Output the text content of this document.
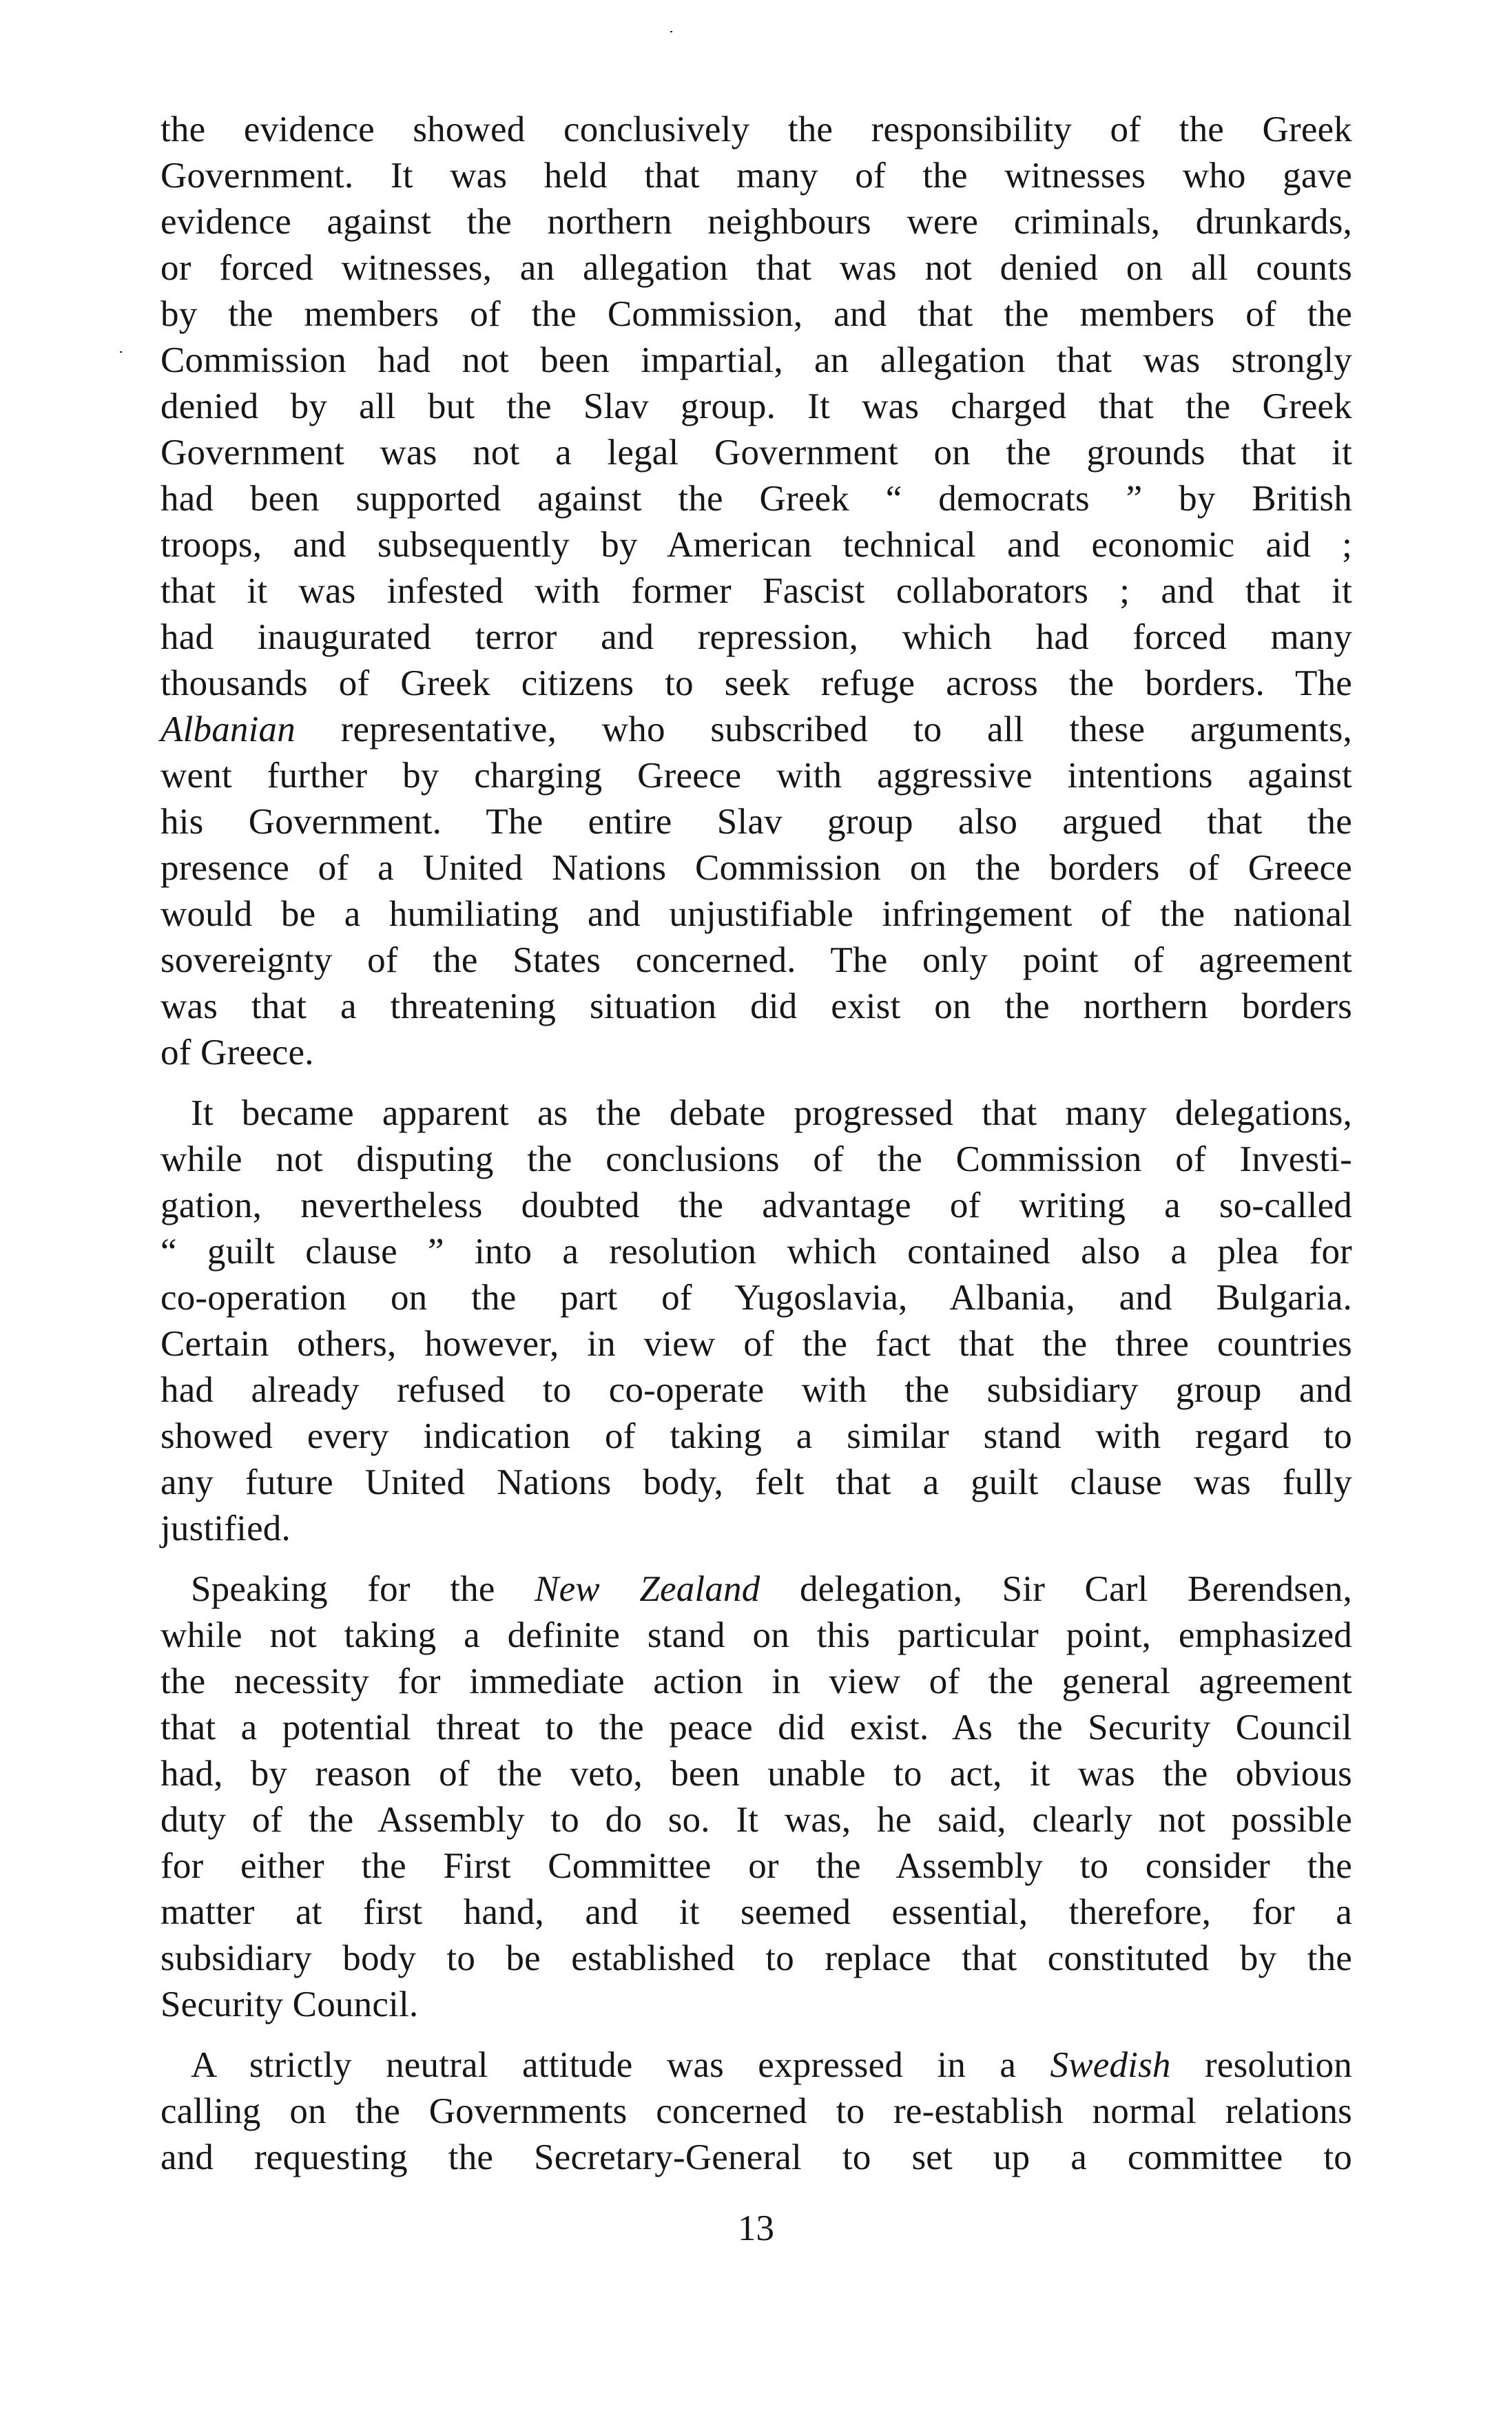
the evidence showed conclusively the responsibility of the Greek
Government. It was held that many of the witnesses who gave
evidence against the northern neighbours were criminals, drunkards,
or forced witnesses, an allegation that was not denied on all counts
by the members of the Commission, and that the members of the
Commission had not been impartial, an allegation that was strongly
denied by all but the Slav group. It was charged that the Greek
Government was not a legal Government on the grounds that it
had been supported against the Greek “ democrats ” by British
troops, and subsequently by American technical and economic aid ;
that it was infested with former Fascist collaborators ; and that it
had inaugurated terror and repression, which had forced many
thousands of Greek citizens to seek refuge across the borders. The
Albanian representative, who subscribed to all these arguments,
went further by charging Greece with aggressive intentions against
his Government. The entire Slav group also argued that the
presence of a United Nations Commission on the borders of Greece
would be a humiliating and unjustifiable infringement of the national
sovereignty of the States concerned. The only point of agreement
was that a threatening situation did exist on the northern borders
of Greece.
It became apparent as the debate progressed that many delegations,
while not disputing the conclusions of the Commission of Investi-
gation, nevertheless doubted the advantage of writing a so-called
“ guilt clause ” into a resolution which contained also a plea for
co-operation on the part of Yugoslavia, Albania, and Bulgaria.
Certain others, however, in view of the fact that the three countries
had already refused to co-operate with the subsidiary group and
showed every indication of taking a similar stand with regard to
any future United Nations body, felt that a guilt clause was fully
justified.
Speaking for the New Zealand delegation, Sir Carl Berendsen,
while not taking a definite stand on this particular point, emphasized
the necessity for immediate action in view of the general agreement
that a potential threat to the peace did exist. As the Security Council
had, by reason of the veto, been unable to act, it was the obvious
duty of the Assembly to do so. It was, he said, clearly not possible
for either the First Committee or the Assembly to consider the
matter at first hand, and it seemed essential, therefore, for a
subsidiary body to be established to replace that constituted by the
Security Council.
A strictly neutral attitude was expressed in a Swedish resolution
calling on the Governments concerned to re-establish normal relations
and requesting the Secretary-General to set up a committee to
13
